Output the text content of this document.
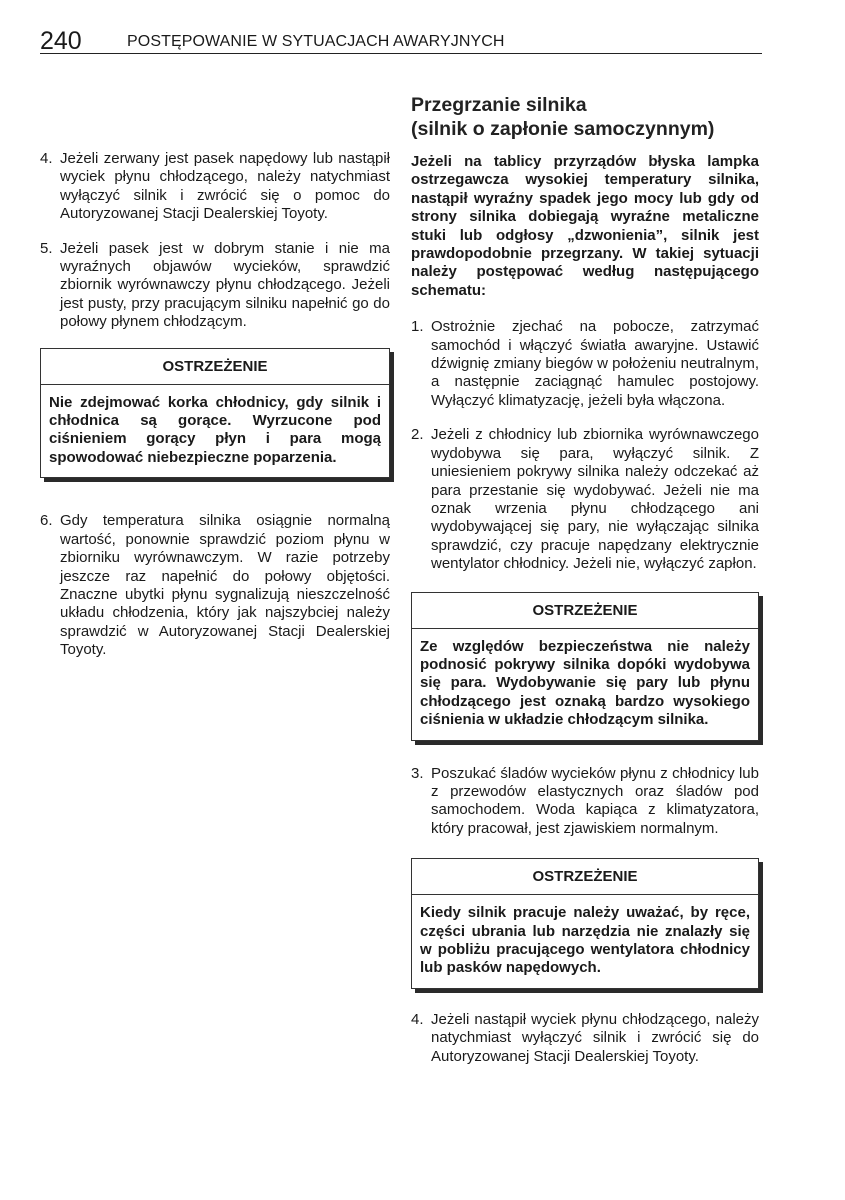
240	POSTĘPOWANIE W SYTUACJACH AWARYJNYCH

4. Jeżeli zerwany jest pasek napędowy lub nastąpił wyciek płynu chłodzącego, należy natychmiast wyłączyć silnik i zwrócić się o pomoc do Autoryzowanej Stacji Dealerskiej Toyoty.

5. Jeżeli pasek jest w dobrym stanie i nie ma wyraźnych objawów wycieków, sprawdzić zbiornik wyrównawczy płynu chłodzącego. Jeżeli jest pusty, przy pracującym silniku napełnić go do połowy płynem chłodzącym.

OSTRZEŻENIE
Nie zdejmować korka chłodnicy, gdy silnik i chłodnica są gorące. Wyrzucone pod ciśnieniem gorący płyn i para mogą spowodować niebezpieczne poparzenia.

6. Gdy temperatura silnika osiągnie normalną wartość, ponownie sprawdzić poziom płynu w zbiorniku wyrównawczym. W razie potrzeby jeszcze raz napełnić do połowy objętości. Znaczne ubytki płynu sygnalizują nieszczelność układu chłodzenia, który jak najszybciej należy sprawdzić w Autoryzowanej Stacji Dealerskiej Toyoty.

Przegrzanie silnika
(silnik o zapłonie samoczynnym)

Jeżeli na tablicy przyrządów błyska lampka ostrzegawcza wysokiej temperatury silnika, nastąpił wyraźny spadek jego mocy lub gdy od strony silnika dobiegają wyraźne metaliczne stuki lub odgłosy „dzwonienia”, silnik jest prawdopodobnie przegrzany. W takiej sytuacji należy postępować według następującego schematu:

1. Ostrożnie zjechać na pobocze, zatrzymać samochód i włączyć światła awaryjne. Ustawić dźwignię zmiany biegów w położeniu neutralnym, a następnie zaciągnąć hamulec postojowy. Wyłączyć klimatyzację, jeżeli była włączona.

2. Jeżeli z chłodnicy lub zbiornika wyrównawczego wydobywa się para, wyłączyć silnik. Z uniesieniem pokrywy silnika należy odczekać aż para przestanie się wydobywać. Jeżeli nie ma oznak wrzenia płynu chłodzącego ani wydobywającej się pary, nie wyłączając silnika sprawdzić, czy pracuje napędzany elektrycznie wentylator chłodnicy. Jeżeli nie, wyłączyć zapłon.

OSTRZEŻENIE
Ze względów bezpieczeństwa nie należy podnosić pokrywy silnika dopóki wydobywa się para. Wydobywanie się pary lub płynu chłodzącego jest oznaką bardzo wysokiego ciśnienia w układzie chłodzącym silnika.

3. Poszukać śladów wycieków płynu z chłodnicy lub z przewodów elastycznych oraz śladów pod samochodem. Woda kapiąca z klimatyzatora, który pracował, jest zjawiskiem normalnym.

OSTRZEŻENIE
Kiedy silnik pracuje należy uważać, by ręce, części ubrania lub narzędzia nie znalazły się w pobliżu pracującego wentylatora chłodnicy lub pasków napędowych.

4. Jeżeli nastąpił wyciek płynu chłodzącego, należy natychmiast wyłączyć silnik i zwrócić się do Autoryzowanej Stacji Dealerskiej Toyoty.
